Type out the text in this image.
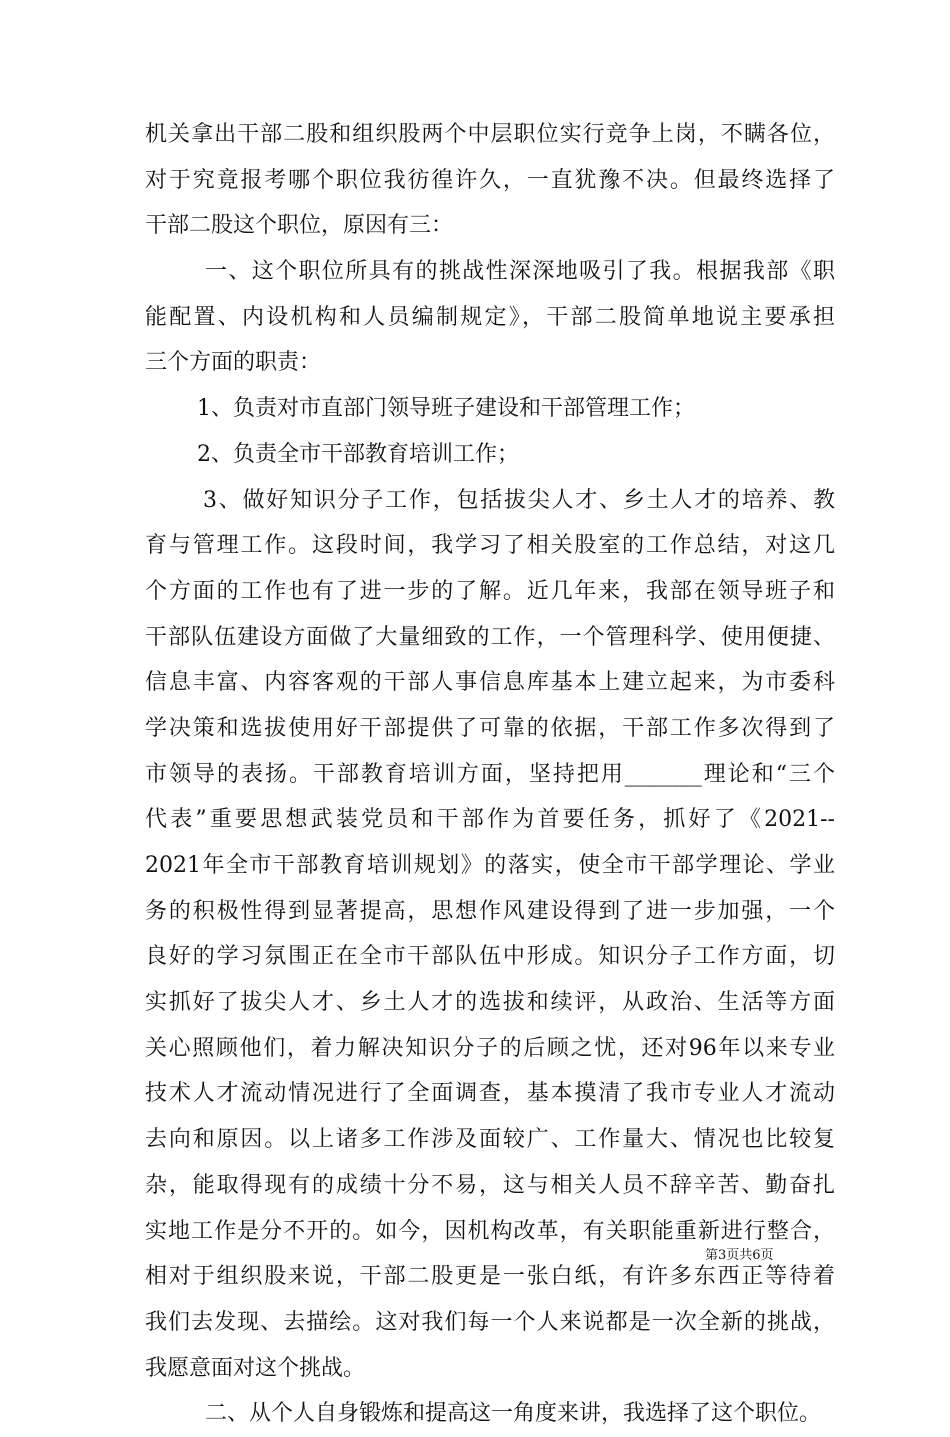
机关拿出干部二股和组织股两个中层职位实行竞争上岗，不瞒各位，
对于究竟报考哪个职位我彷徨许久，一直犹豫不决。但最终选择了
干部二股这个职位，原因有三：
一、这个职位所具有的挑战性深深地吸引了我。根据我部《职
能配置、内设机构和人员编制规定》，干部二股简单地说主要承担
三个方面的职责：
1、负责对市直部门领导班子建设和干部管理工作；
2、负责全市干部教育培训工作；
3、做好知识分子工作，包括拔尖人才、乡土人才的培养、教
育与管理工作。这段时间，我学习了相关股室的工作总结，对这几
个方面的工作也有了进一步的了解。近几年来，我部在领导班子和
干部队伍建设方面做了大量细致的工作，一个管理科学、使用便捷、
信息丰富、内容客观的干部人事信息库基本上建立起来，为市委科
学决策和选拔使用好干部提供了可靠的依据，干部工作多次得到了
市领导的表扬。干部教育培训方面，坚持把用_______理论和“三个
代表”重要思想武装党员和干部作为首要任务，抓好了《2021--
2021年全市干部教育培训规划》的落实，使全市干部学理论、学业
务的积极性得到显著提高，思想作风建设得到了进一步加强，一个
良好的学习氛围正在全市干部队伍中形成。知识分子工作方面，切
实抓好了拔尖人才、乡土人才的选拔和续评，从政治、生活等方面
关心照顾他们，着力解决知识分子的后顾之忧，还对96年以来专业
技术人才流动情况进行了全面调查，基本摸清了我市专业人才流动
去向和原因。以上诸多工作涉及面较广、工作量大、情况也比较复
杂，能取得现有的成绩十分不易，这与相关人员不辞辛苦、勤奋扎
实地工作是分不开的。如今，因机构改革，有关职能重新进行整合，
相对于组织股来说，干部二股更是一张白纸，有许多东西正等待着
我们去发现、去描绘。这对我们每一个人来说都是一次全新的挑战，
我愿意面对这个挑战。
二、从个人自身锻炼和提高这一角度来讲，我选择了这个职位。
第3页共6页
